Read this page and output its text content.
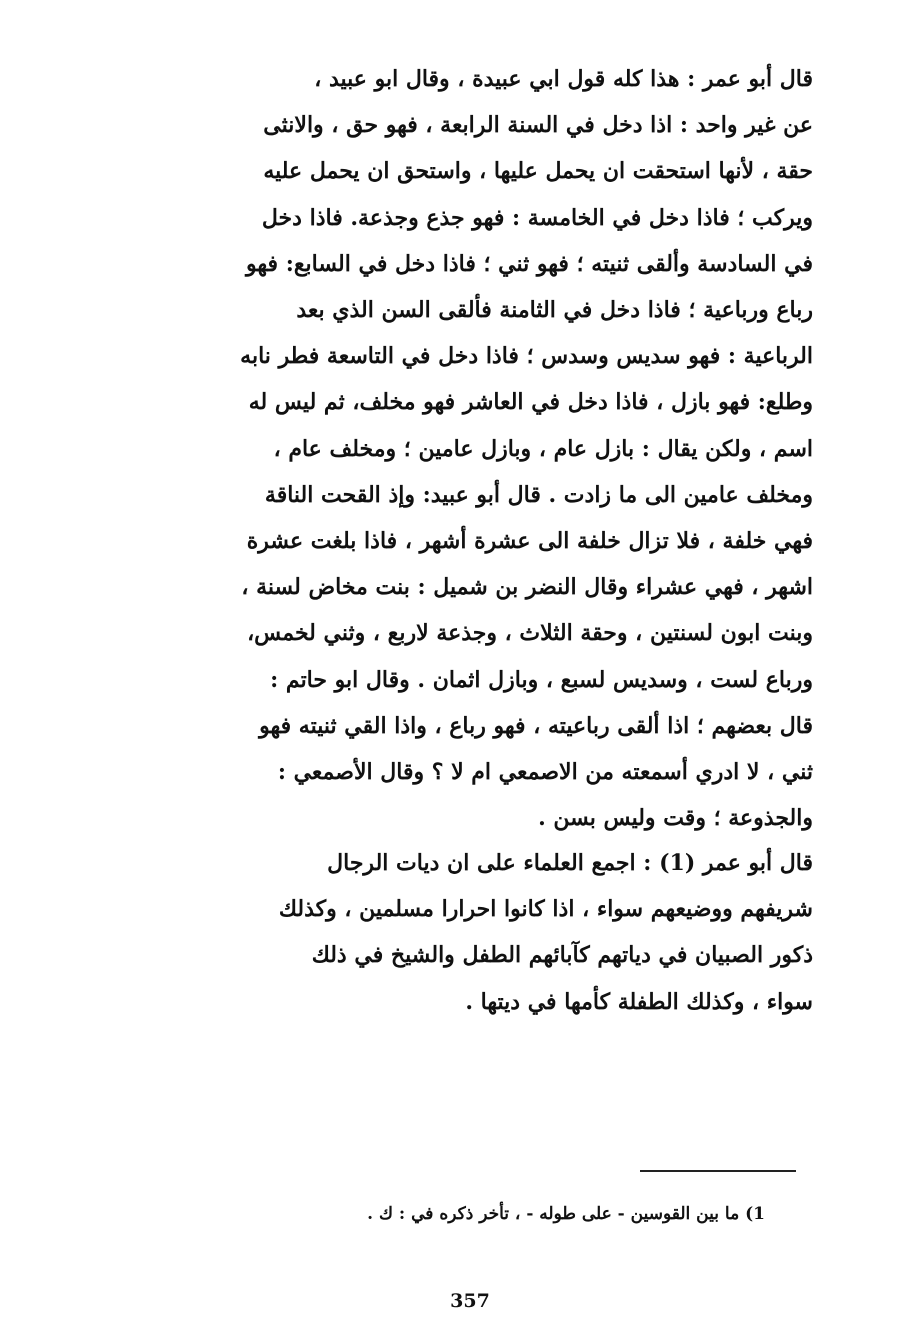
قال أبو عمر : هذا كله قول ابي عبيدة ، وقال ابو عبيد ،
عن غير واحد : اذا دخل في السنة الرابعة ، فهو حق ، والانثى
حقة ، لأنها استحقت ان يحمل عليها ، واستحق ان يحمل عليه
ويركب ؛ فاذا دخل في الخامسة : فهو جذع وجذعة. فاذا دخل
في السادسة وألقى ثنيته ؛ فهو ثني ؛ فاذا دخل في السابع: فهو
رباع ورباعية ؛ فاذا دخل في الثامنة فألقى السن الذي بعد
الرباعية : فهو سديس وسدس ؛ فاذا دخل في التاسعة فطر نابه
وطلع: فهو بازل ، فاذا دخل في العاشر فهو مخلف، ثم ليس له
اسم ، ولكن يقال : بازل عام ، وبازل عامين ؛ ومخلف عام ،
ومخلف عامين الى ما زادت . قال أبو عبيد: وإذ القحت الناقة
فهي خلفة ، فلا تزال خلفة الى عشرة أشهر ، فاذا بلغت عشرة
اشهر ، فهي عشراء وقال النضر بن شميل : بنت مخاض لسنة ،
وبنت ابون لسنتين ، وحقة الثلاث ، وجذعة لاربع ، وثني لخمس،
ورباع لست ، وسديس لسبع ، وبازل اثمان . وقال ابو حاتم :
قال بعضهم ؛ اذا ألقى رباعيته ، فهو رباع ، واذا القي ثنيته فهو
ثني ، لا ادري أسمعته من الاصمعي ام لا ؟ وقال الأصمعي :
والجذوعة ؛ وقت وليس بسن .
قال أبو عمر (1) : اجمع العلماء على ان ديات الرجال
شريفهم ووضيعهم سواء ، اذا كانوا احرارا مسلمين ، وكذلك
ذكور الصبيان في دياتهم كآبائهم الطفل والشيخ في ذلك
سواء ، وكذلك الطفلة كأمها في ديتها .
1) ما بين القوسين - على طوله - ، تأخر ذكره في : ك .
357
